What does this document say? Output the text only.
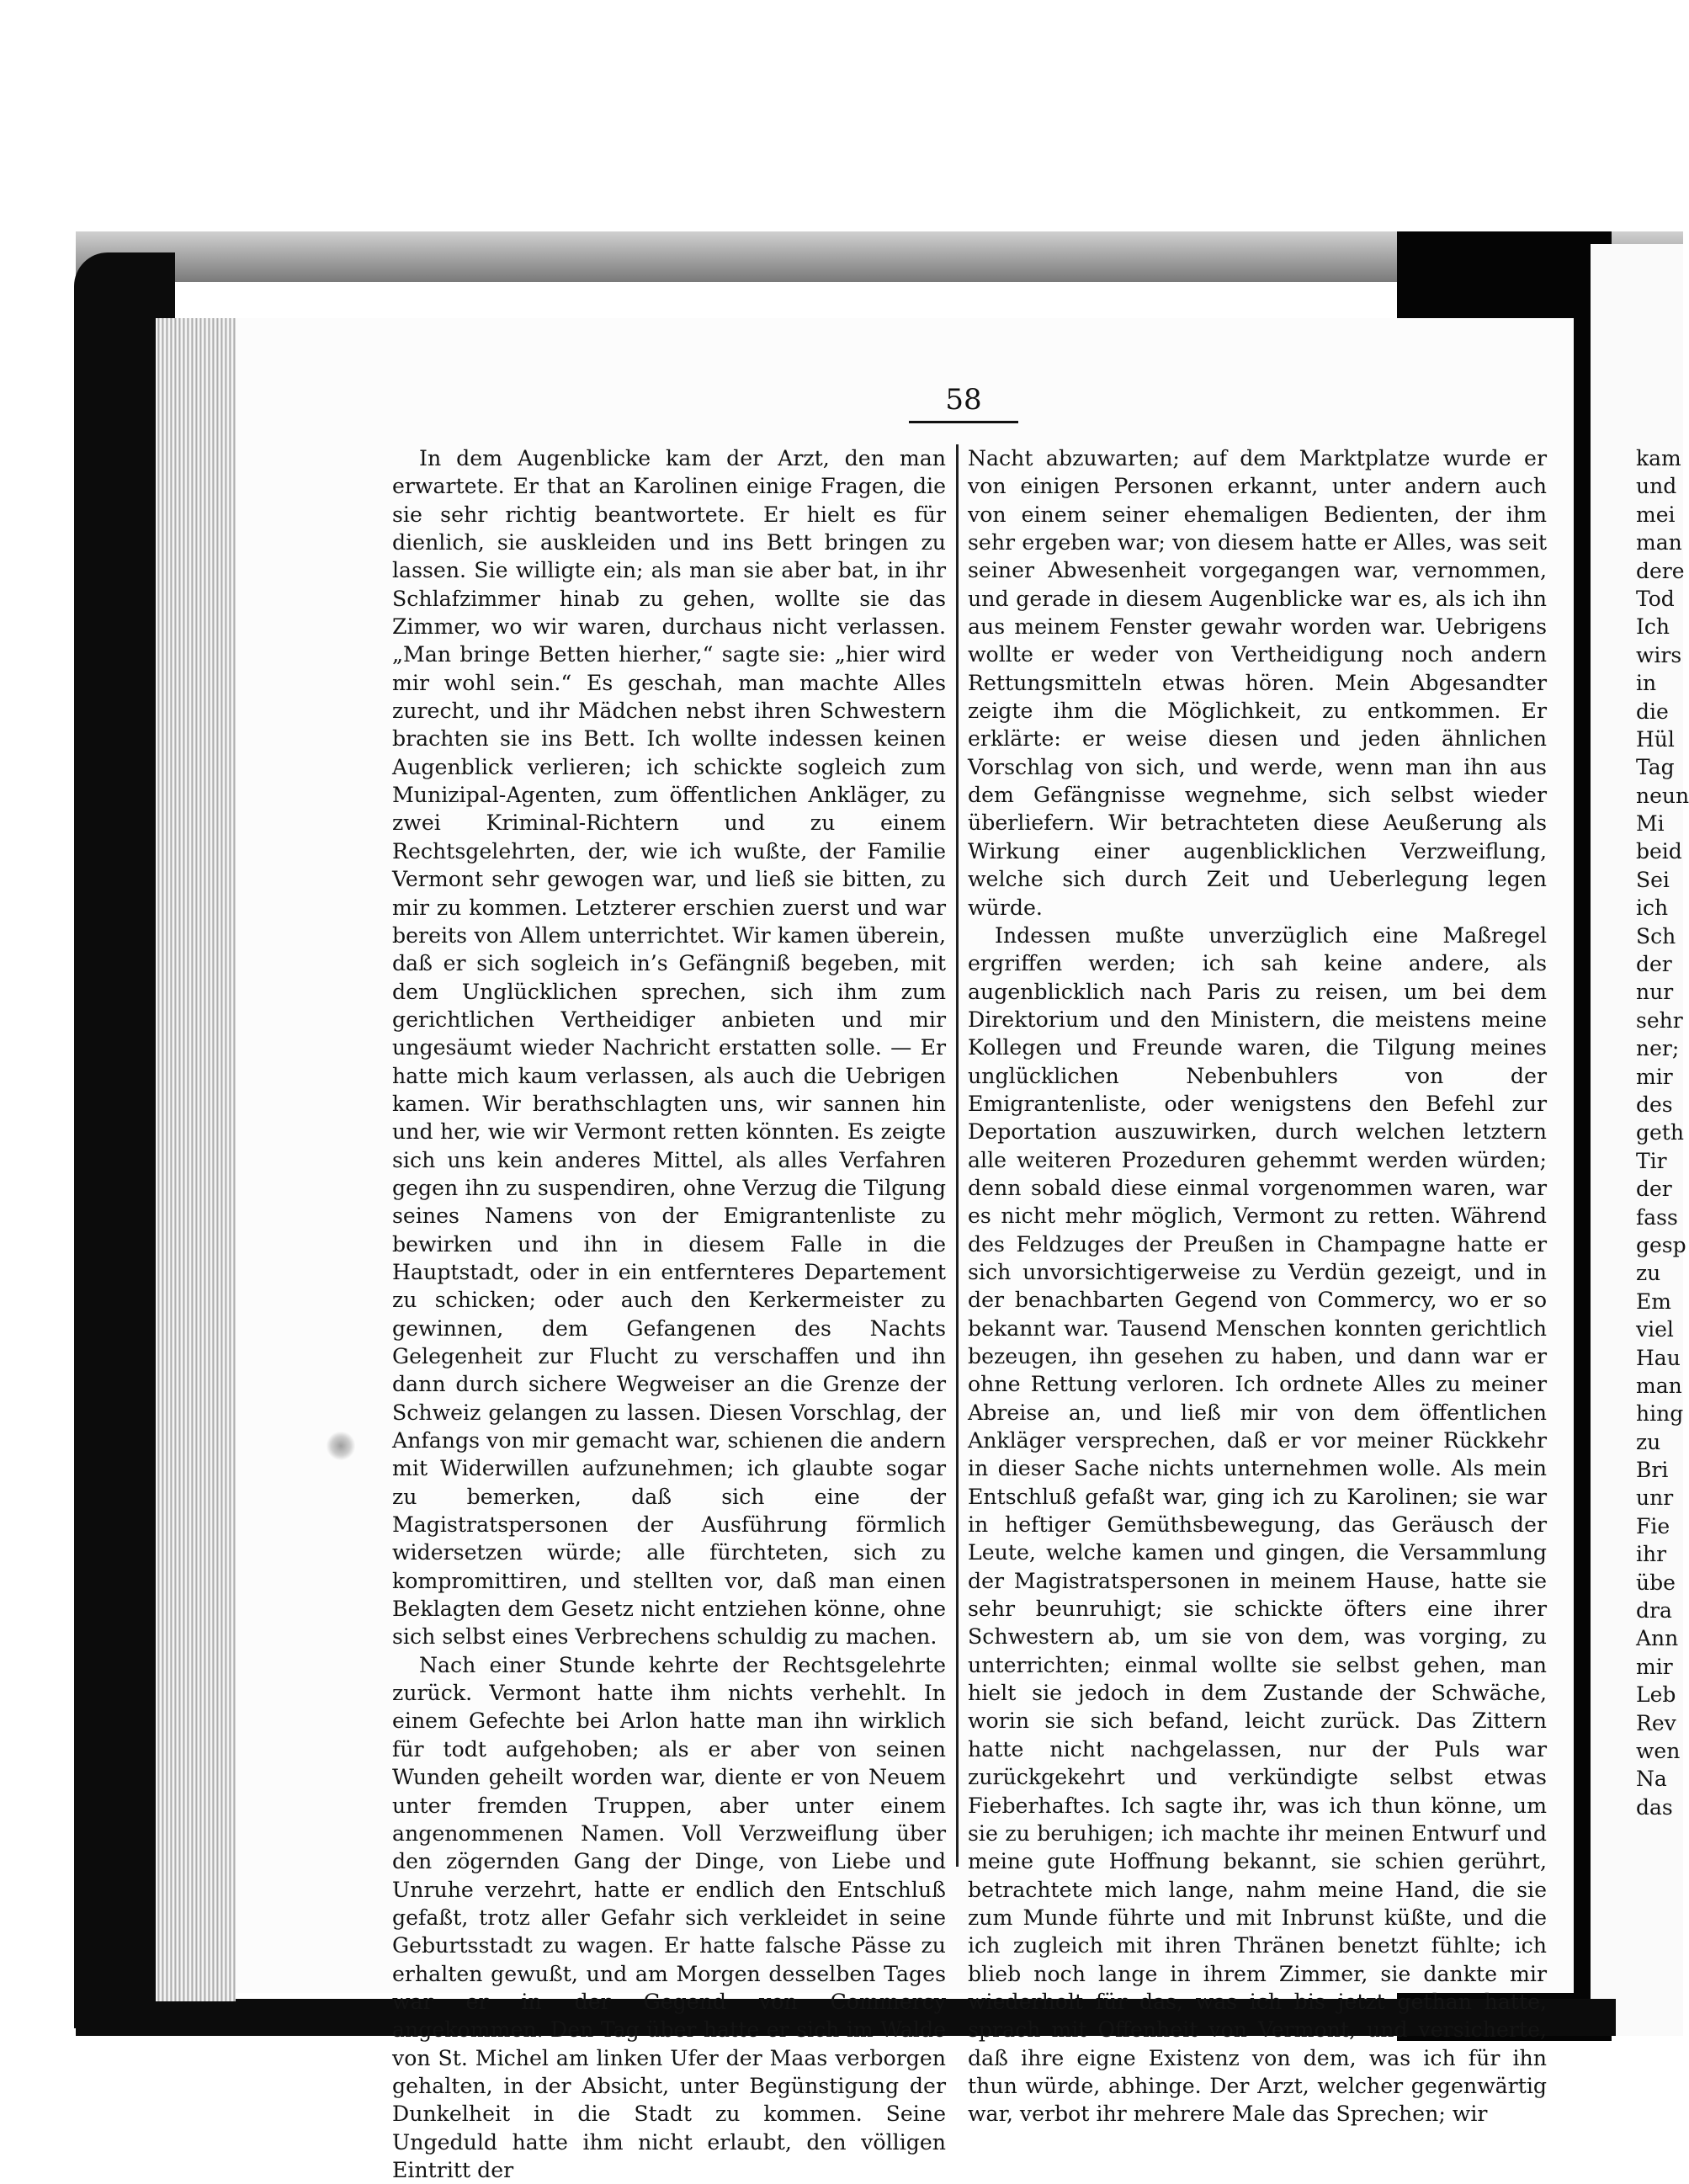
58

In dem Augenblicke kam der Arzt, den man erwartete. Er that an Karolinen einige Fragen, die sie sehr richtig beantwortete. Er hielt es für dienlich, sie auskleiden und ins Bett bringen zu lassen. Sie willigte ein; als man sie aber bat, in ihr Schlafzimmer hinab zu gehen, wollte sie das Zimmer, wo wir waren, durchaus nicht verlassen. „Man bringe Betten hierher,“ sagte sie: „hier wird mir wohl sein.“ Es geschah, man machte Alles zurecht, und ihr Mädchen nebst ihren Schwestern brachten sie ins Bett. Ich wollte indessen keinen Augenblick verlieren; ich schickte sogleich zum Munizipal-Agenten, zum öffentlichen Ankläger, zu zwei Kriminal-Richtern und zu einem Rechtsgelehrten, der, wie ich wußte, der Familie Vermont sehr gewogen war, und ließ sie bitten, zu mir zu kommen. Letzterer erschien zuerst und war bereits von Allem unterrichtet. Wir kamen überein, daß er sich sogleich in’s Gefängniß begeben, mit dem Unglücklichen sprechen, sich ihm zum gerichtlichen Vertheidiger anbieten und mir ungesäumt wieder Nachricht erstatten solle. — Er hatte mich kaum verlassen, als auch die Uebrigen kamen. Wir berathschlagten uns, wir sannen hin und her, wie wir Vermont retten könnten. Es zeigte sich uns kein anderes Mittel, als alles Verfahren gegen ihn zu suspendiren, ohne Verzug die Tilgung seines Namens von der Emigrantenliste zu bewirken und ihn in diesem Falle in die Hauptstadt, oder in ein entfernteres Departement zu schicken; oder auch den Kerkermeister zu gewinnen, dem Gefangenen des Nachts Gelegenheit zur Flucht zu verschaffen und ihn dann durch sichere Wegweiser an die Grenze der Schweiz gelangen zu lassen. Diesen Vorschlag, der Anfangs von mir gemacht war, schienen die andern mit Widerwillen aufzunehmen; ich glaubte sogar zu bemerken, daß sich eine der Magistratspersonen der Ausführung förmlich widersetzen würde; alle fürchteten, sich zu kompromittiren, und stellten vor, daß man einen Beklagten dem Gesetz nicht entziehen könne, ohne sich selbst eines Verbrechens schuldig zu machen.

Nach einer Stunde kehrte der Rechtsgelehrte zurück. Vermont hatte ihm nichts verhehlt. In einem Gefechte bei Arlon hatte man ihn wirklich für todt aufgehoben; als er aber von seinen Wunden geheilt worden war, diente er von Neuem unter fremden Truppen, aber unter einem angenommenen Namen. Voll Verzweiflung über den zögernden Gang der Dinge, von Liebe und Unruhe verzehrt, hatte er endlich den Entschluß gefaßt, trotz aller Gefahr sich verkleidet in seine Geburtsstadt zu wagen. Er hatte falsche Pässe zu erhalten gewußt, und am Morgen desselben Tages war er in der Gegend von Commercy angekommen. Den Tag über hatte er sich im Walde von St. Michel am linken Ufer der Maas verborgen gehalten, in der Absicht, unter Begünstigung der Dunkelheit in die Stadt zu kommen. Seine Ungeduld hatte ihm nicht erlaubt, den völligen Eintritt der

Nacht abzuwarten; auf dem Marktplatze wurde er von einigen Personen erkannt, unter andern auch von einem seiner ehemaligen Bedienten, der ihm sehr ergeben war; von diesem hatte er Alles, was seit seiner Abwesenheit vorgegangen war, vernommen, und gerade in diesem Augenblicke war es, als ich ihn aus meinem Fenster gewahr worden war. Uebrigens wollte er weder von Vertheidigung noch andern Rettungsmitteln etwas hören. Mein Abgesandter zeigte ihm die Möglichkeit, zu entkommen. Er erklärte: er weise diesen und jeden ähnlichen Vorschlag von sich, und werde, wenn man ihn aus dem Gefängnisse wegnehme, sich selbst wieder überliefern. Wir betrachteten diese Aeußerung als Wirkung einer augenblicklichen Verzweiflung, welche sich durch Zeit und Ueberlegung legen würde.

Indessen mußte unverzüglich eine Maßregel ergriffen werden; ich sah keine andere, als augenblicklich nach Paris zu reisen, um bei dem Direktorium und den Ministern, die meistens meine Kollegen und Freunde waren, die Tilgung meines unglücklichen Nebenbuhlers von der Emigrantenliste, oder wenigstens den Befehl zur Deportation auszuwirken, durch welchen letztern alle weiteren Prozeduren gehemmt werden würden; denn sobald diese einmal vorgenommen waren, war es nicht mehr möglich, Vermont zu retten. Während des Feldzuges der Preußen in Champagne hatte er sich unvorsichtigerweise zu Verdün gezeigt, und in der benachbarten Gegend von Commercy, wo er so bekannt war. Tausend Menschen konnten gerichtlich bezeugen, ihn gesehen zu haben, und dann war er ohne Rettung verloren. Ich ordnete Alles zu meiner Abreise an, und ließ mir von dem öffentlichen Ankläger versprechen, daß er vor meiner Rückkehr in dieser Sache nichts unternehmen wolle. Als mein Entschluß gefaßt war, ging ich zu Karolinen; sie war in heftiger Gemüthsbewegung, das Geräusch der Leute, welche kamen und gingen, die Versammlung der Magistratspersonen in meinem Hause, hatte sie sehr beunruhigt; sie schickte öfters eine ihrer Schwestern ab, um sie von dem, was vorging, zu unterrichten; einmal wollte sie selbst gehen, man hielt sie jedoch in dem Zustande der Schwäche, worin sie sich befand, leicht zurück. Das Zittern hatte nicht nachgelassen, nur der Puls war zurückgekehrt und verkündigte selbst etwas Fieberhaftes. Ich sagte ihr, was ich thun könne, um sie zu beruhigen; ich machte ihr meinen Entwurf und meine gute Hoffnung bekannt, sie schien gerührt, betrachtete mich lange, nahm meine Hand, die sie zum Munde führte und mit Inbrunst küßte, und die ich zugleich mit ihren Thränen benetzt fühlte; ich blieb noch lange in ihrem Zimmer, sie dankte mir wiederholt für das, was ich bis jetzt gethan hatte, sprach mit Offenheit von Vermont, und versicherte, daß ihre eigne Existenz von dem, was ich für ihn thun würde, abhinge. Der Arzt, welcher gegenwärtig war, verbot ihr mehrere Male das Sprechen; wir

kam
und
mei
man
dere
Tod
Ich
wirs
in
die
Hül
Tag
neun
Mi
beid
Sei
ich
Sch
der
nur
sehr
ner;
mir
des
geth
Tir
der
fass
gesp
zu
Em
viel
Hau
man
hing
zu
Bri
unr
Fie
ihr
übe
dra
Ann
mir
Leb
Rev
wen
Na
das
